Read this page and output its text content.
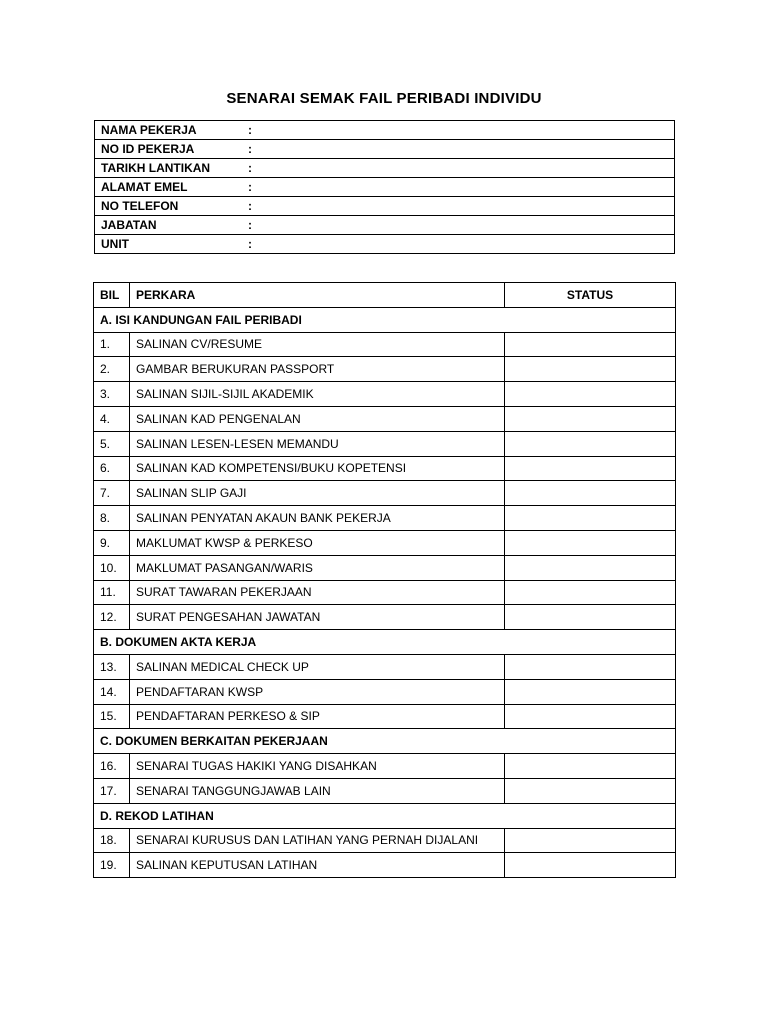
SENARAI SEMAK FAIL PERIBADI INDIVIDU
NAMA PEKERJA	:
NO ID PEKERJA	:
TARIKH LANTIKAN	:
ALAMAT EMEL	:
NO TELEFON	:
JABATAN	:
UNIT	:
BIL	PERKARA	STATUS
A. ISI KANDUNGAN FAIL PERIBADI		
1.	SALINAN CV/RESUME	
2.	GAMBAR BERUKURAN PASSPORT	
3.	SALINAN SIJIL-SIJIL AKADEMIK	
4.	SALINAN KAD PENGENALAN	
5.	SALINAN LESEN-LESEN MEMANDU	
6.	SALINAN KAD KOMPETENSI/BUKU KOPETENSI	
7.	SALINAN SLIP GAJI	
8.	SALINAN PENYATAN AKAUN BANK PEKERJA	
9.	MAKLUMAT KWSP & PERKESO	
10.	MAKLUMAT PASANGAN/WARIS	
11.	SURAT TAWARAN PEKERJAAN	
12.	SURAT PENGESAHAN JAWATAN	
B. DOKUMEN AKTA KERJA		
13.	SALINAN MEDICAL CHECK UP	
14.	PENDAFTARAN KWSP	
15.	PENDAFTARAN PERKESO & SIP	
C. DOKUMEN BERKAITAN PEKERJAAN		
16.	SENARAI TUGAS HAKIKI YANG DISAHKAN	
17.	SENARAI TANGGUNGJAWAB LAIN	
D. REKOD LATIHAN		
18.	SENARAI KURUSUS DAN LATIHAN YANG PERNAH DIJALANI	
19.	SALINAN KEPUTUSAN LATIHAN	
